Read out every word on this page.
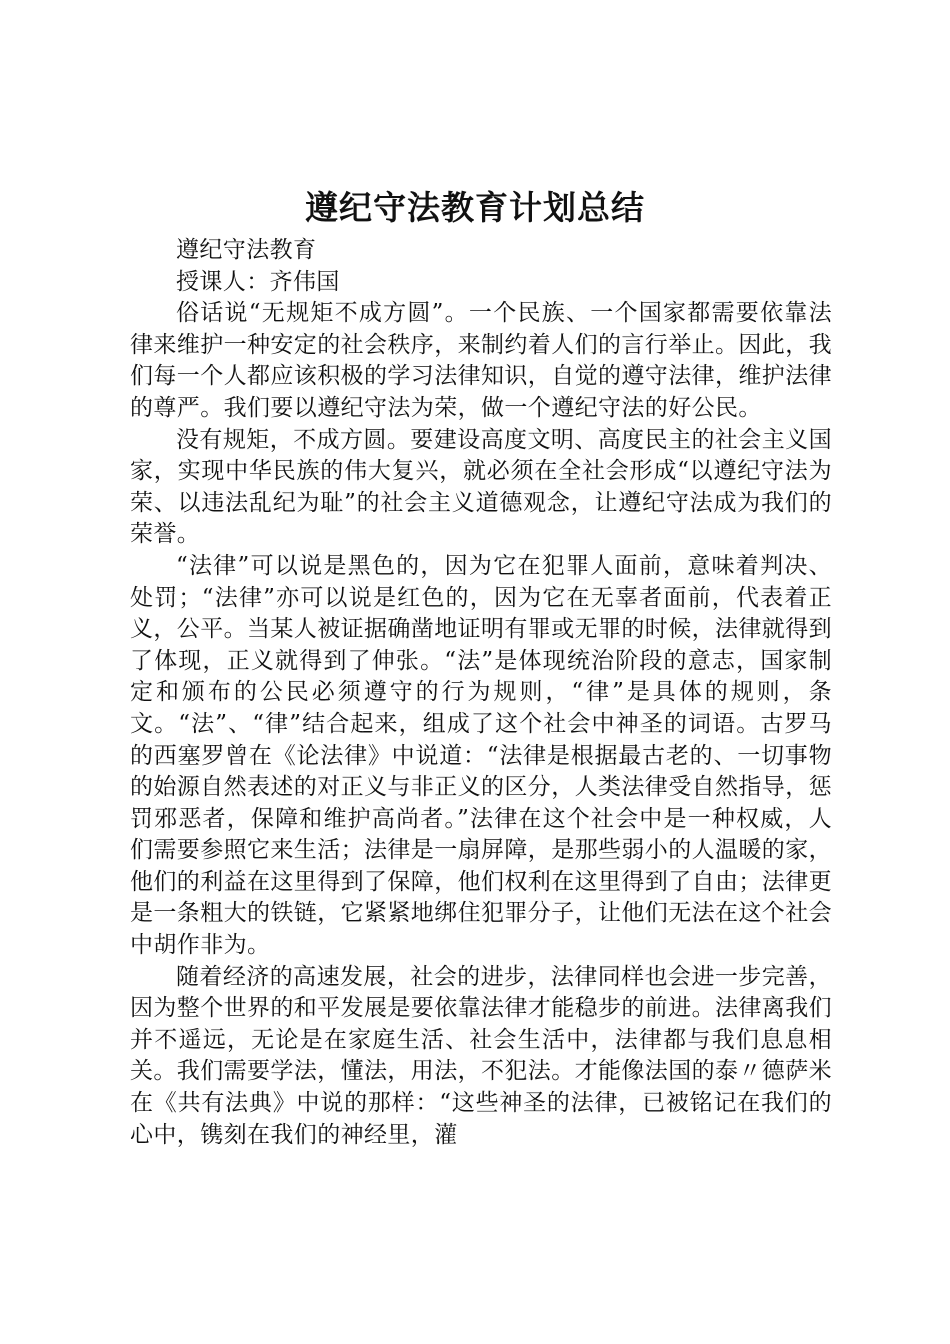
遵纪守法教育计划总结

遵纪守法教育

授课人：齐伟国

俗话说“无规矩不成方圆”。一个民族、一个国家都需要依靠法律来维护一种安定的社会秩序，来制约着人们的言行举止。因此，我们每一个人都应该积极的学习法律知识，自觉的遵守法律，维护法律的尊严。我们要以遵纪守法为荣，做一个遵纪守法的好公民。

没有规矩，不成方圆。要建设高度文明、高度民主的社会主义国家，实现中华民族的伟大复兴，就必须在全社会形成“以遵纪守法为荣、以违法乱纪为耻”的社会主义道德观念，让遵纪守法成为我们的荣誉。

“法律”可以说是黑色的，因为它在犯罪人面前，意味着判决、处罚；“法律”亦可以说是红色的，因为它在无辜者面前，代表着正义，公平。当某人被证据确凿地证明有罪或无罪的时候，法律就得到了体现，正义就得到了伸张。“法”是体现统治阶段的意志，国家制定和颁布的公民必须遵守的行为规则，“律”是具体的规则，条文。“法”、“律”结合起来，组成了这个社会中神圣的词语。古罗马的西塞罗曾在《论法律》中说道：“法律是根据最古老的、一切事物的始源自然表述的对正义与非正义的区分，人类法律受自然指导，惩罚邪恶者，保障和维护高尚者。”法律在这个社会中是一种权威，人们需要参照它来生活；法律是一扇屏障，是那些弱小的人温暖的家，他们的利益在这里得到了保障，他们权利在这里得到了自由；法律更是一条粗大的铁链，它紧紧地绑住犯罪分子，让他们无法在这个社会中胡作非为。

随着经济的高速发展，社会的进步，法律同样也会进一步完善，因为整个世界的和平发展是要依靠法律才能稳步的前进。法律离我们并不遥远，无论是在家庭生活、社会生活中，法律都与我们息息相关。我们需要学法，懂法，用法，不犯法。才能像法国的泰〃德萨米在《共有法典》中说的那样：“这些神圣的法律，已被铭记在我们的心中，镌刻在我们的神经里，灌
